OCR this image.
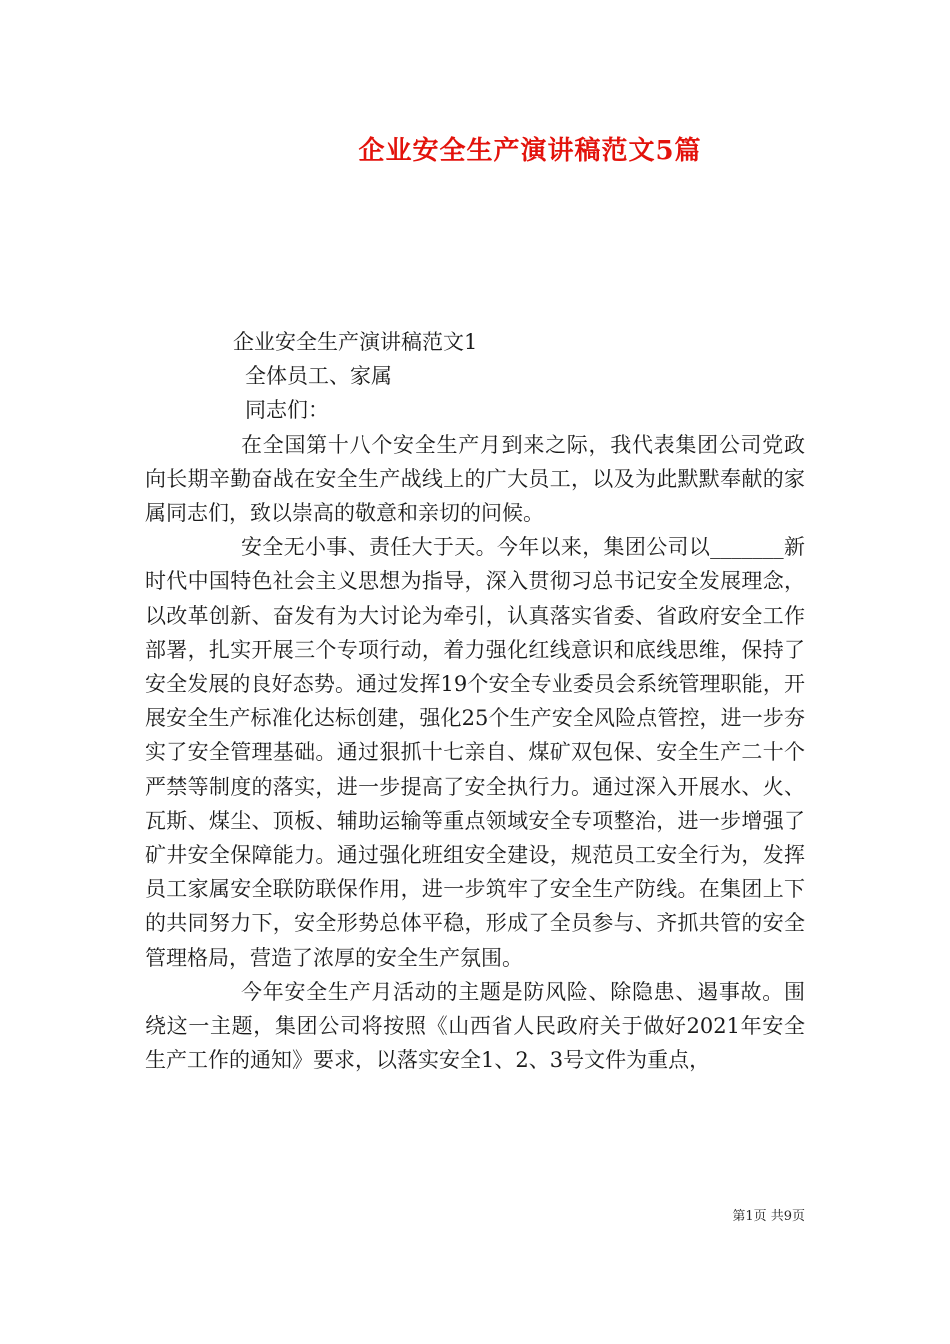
企业安全生产演讲稿范文5篇

企业安全生产演讲稿范文1

全体员工、家属

同志们：

在全国第十八个安全生产月到来之际，我代表集团公司党政向长期辛勤奋战在安全生产战线上的广大员工，以及为此默默奉献的家属同志们，致以崇高的敬意和亲切的问候。

安全无小事、责任大于天。今年以来，集团公司以_______新时代中国特色社会主义思想为指导，深入贯彻习总书记安全发展理念，以改革创新、奋发有为大讨论为牵引，认真落实省委、省政府安全工作部署，扎实开展三个专项行动，着力强化红线意识和底线思维，保持了安全发展的良好态势。通过发挥19个安全专业委员会系统管理职能，开展安全生产标准化达标创建，强化25个生产安全风险点管控，进一步夯实了安全管理基础。通过狠抓十七亲自、煤矿双包保、安全生产二十个严禁等制度的落实，进一步提高了安全执行力。通过深入开展水、火、瓦斯、煤尘、顶板、辅助运输等重点领域安全专项整治，进一步增强了矿井安全保障能力。通过强化班组安全建设，规范员工安全行为，发挥员工家属安全联防联保作用，进一步筑牢了安全生产防线。在集团上下的共同努力下，安全形势总体平稳，形成了全员参与、齐抓共管的安全管理格局，营造了浓厚的安全生产氛围。

今年安全生产月活动的主题是防风险、除隐患、遏事故。围绕这一主题，集团公司将按照《山西省人民政府关于做好2021年安全生产工作的通知》要求，以落实安全1、2、3号文件为重点，

第1页 共9页
